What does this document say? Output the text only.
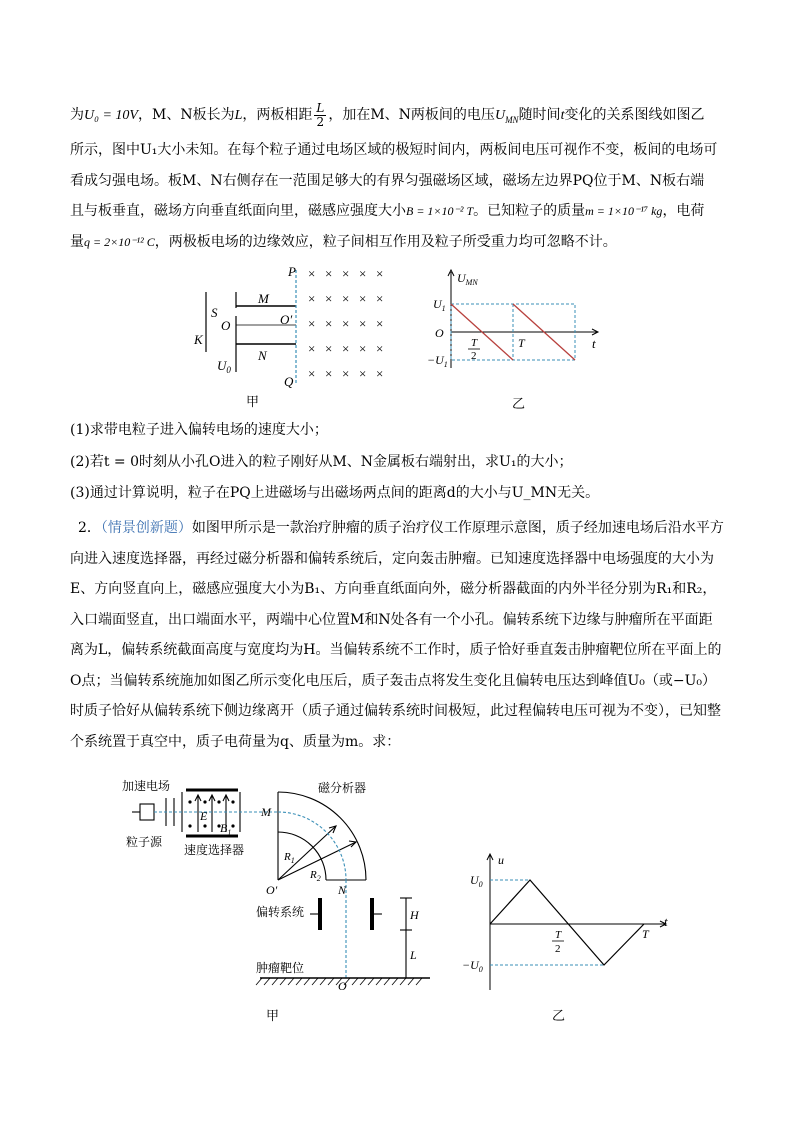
为U₀ = 10V，M、N板长为L，两板相距 $\frac{L}{2}$ ，加在M、N两板间的电压$U_{MN}$随时间t变化的关系图线如图乙
所示，图中U₁大小未知。在每个粒子通过电场区域的极短时间内，两板间电压可视作不变，板间的电场可
看成匀强电场。板M、N右侧存在一范围足够大的有界匀强磁场区域，磁场左边界PQ位于M、N板右端
且与板垂直，磁场方向垂直纸面向里，磁感应强度大小B = 1×10⁻² T。已知粒子的质量m = 1×10⁻¹⁷ kg，电荷
量q = 2×10⁻¹² C，两极板电场的边缘效应，粒子间相互作用及粒子所受重力均可忽略不计。
P
Q
M
N
O	O′
S
K
$U_0$
× × × × ×
× × × × ×
× × × × ×
× × × × ×
× × × × ×
甲
$U_{MN}$
$U_1$
O
$-U_1$
T
2
T	t
乙
(1)求带电粒子进入偏转电场的速度大小；
(2)若t = 0时刻从小孔O进入的粒子刚好从M、N金属板右端射出，求U₁的大小；
(3)通过计算说明，粒子在PQ上进磁场与出磁场两点间的距离d的大小与U_MN无关。
2．（情景创新题）如图甲所示是一款治疗肿瘤的质子治疗仪工作原理示意图，质子经加速电场后沿水平方
向进入速度选择器，再经过磁分析器和偏转系统后，定向轰击肿瘤。已知速度选择器中电场强度的大小为
E、方向竖直向上，磁感应强度大小为B₁、方向垂直纸面向外，磁分析器截面的内外半径分别为R₁和R₂，
入口端面竖直，出口端面水平，两端中心位置M和N处各有一个小孔。偏转系统下边缘与肿瘤所在平面距
离为L，偏转系统截面高度与宽度均为H。当偏转系统不工作时，质子恰好垂直轰击肿瘤靶位所在平面上的
O点；当偏转系统施加如图乙所示变化电压后，质子轰击点将发生变化且偏转电压达到峰值U₀（或−U₀）
时质子恰好从偏转系统下侧边缘离开（质子通过偏转系统时间极短，此过程偏转电压可视为不变），已知整
个系统置于真空中，质子电荷量为q、质量为m。求：
加速电场
粒子源
速度选择器
磁分析器
偏转系统
肿瘤靶位
E
$B_1$
M
N
O′
O
$R_1$
$R_2$
H
L
甲
u
$U_0$
$-U_0$
T
2
T
t
乙
